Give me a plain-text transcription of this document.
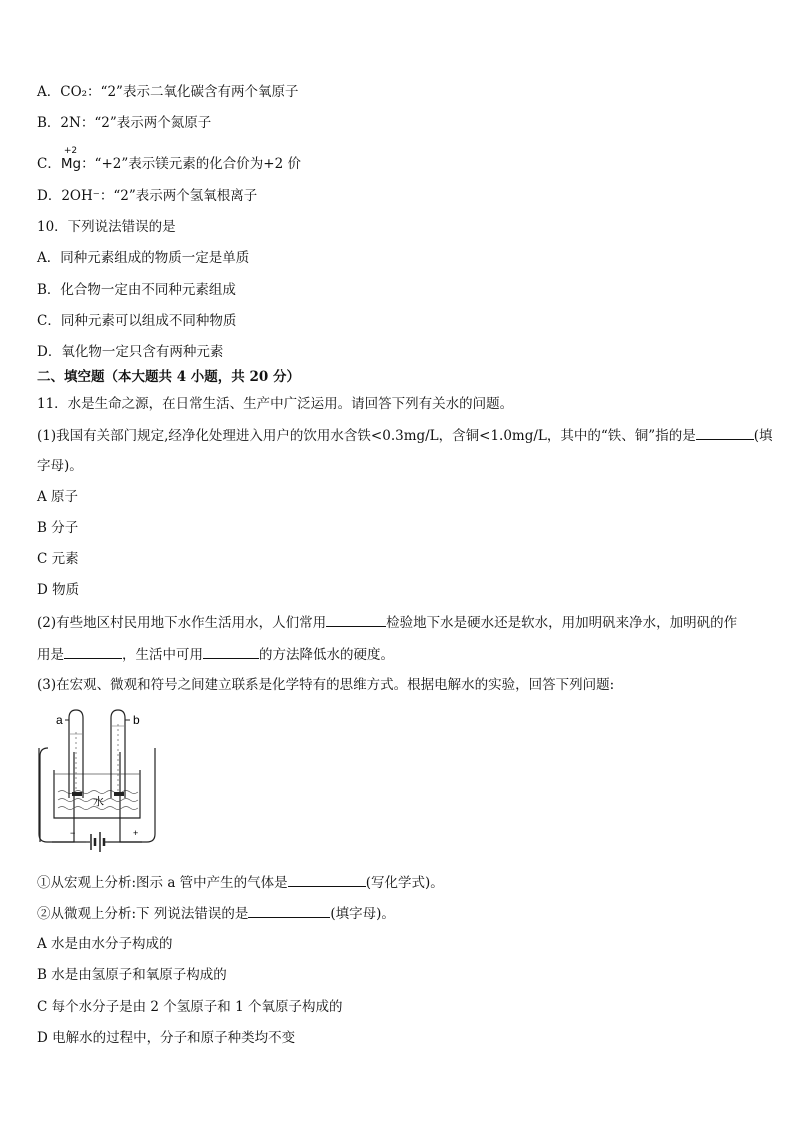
A．CO₂：“2”表示二氧化碳含有两个氧原子
B．2N：“2”表示两个氮原子
C．
+2
Mg：“+2”表示镁元素的化合价为+2 价
D．2OH⁻：“2”表示两个氢氧根离子
10．下列说法错误的是
A．同种元素组成的物质一定是单质
B．化合物一定由不同种元素组成
C．同种元素可以组成不同种物质
D．氧化物一定只含有两种元素
二、填空题（本大题共 4 小题，共 20 分）
11．水是生命之源，在日常生活、生产中广泛运用。请回答下列有关水的问题。
(1)我国有关部门规定,经净化处理进入用户的饮用水含铁<0.3mg/L，含铜<1.0mg/L，其中的“铁、铜”指的是	(填
字母)。
A 原子
B 分子
C 元素
D 物质
(2)有些地区村民用地下水作生活用水，人们常用	检验地下水是硬水还是软水，用加明矾来净水，加明矾的作
用是	，生活中可用	的方法降低水的硬度。
(3)在宏观、微观和符号之间建立联系是化学特有的思维方式。根据电解水的实验，回答下列问题:
−	+
水
a	b
①从宏观上分析:图示 a 管中产生的气体是	(写化学式)。
②从微观上分析:下 列说法错误的是	(填字母)。
A 水是由水分子构成的
B 水是由氢原子和氧原子构成的
C 每个水分子是由 2 个氢原子和 1 个氧原子构成的
D 电解水的过程中，分子和原子种类均不变
